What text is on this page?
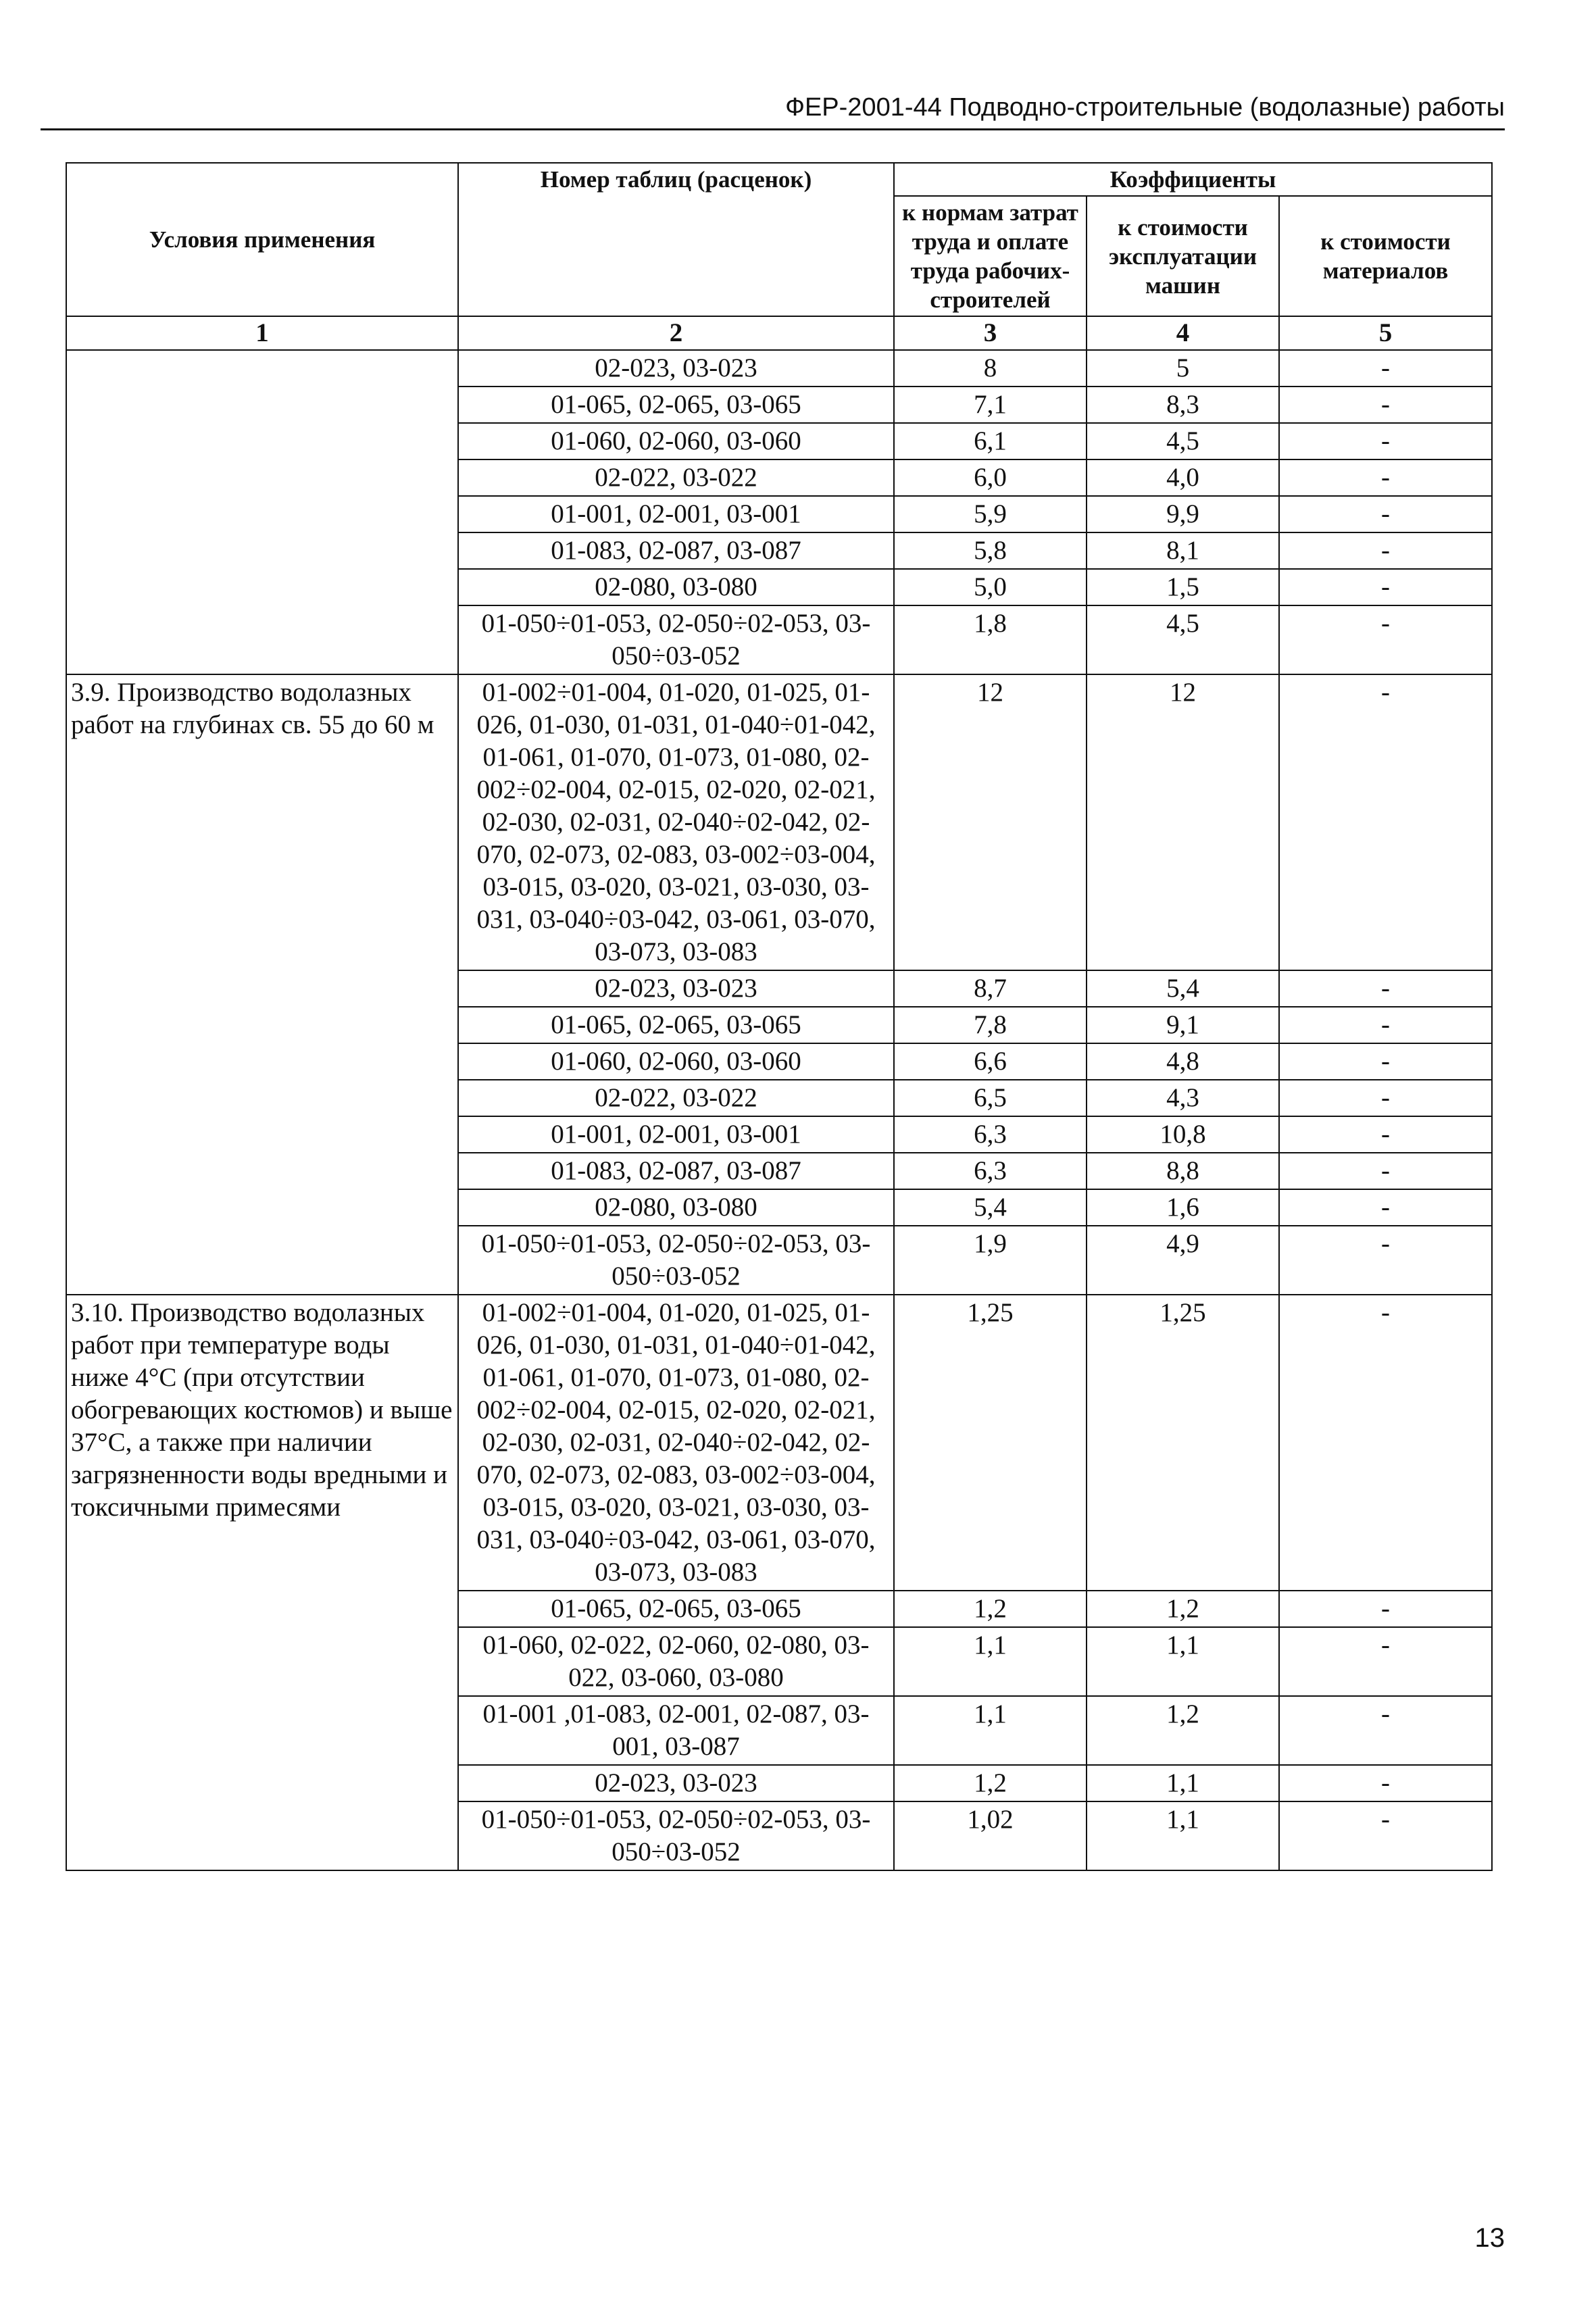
ФЕР-2001-44 Подводно-строительные (водолазные) работы
Условия применения	Номер таблиц (расценок)	Коэффициенты		
		к нормам затрат труда и оплате труда рабочих-строителей	к стоимости эксплуатации машин	к стоимости материалов
1	2	3	4	5
	02-023, 03-023	8	5	-
	01-065, 02-065, 03-065	7,1	8,3	-
	01-060, 02-060, 03-060	6,1	4,5	-
	02-022, 03-022	6,0	4,0	-
	01-001, 02-001, 03-001	5,9	9,9	-
	01-083, 02-087, 03-087	5,8	8,1	-
	02-080, 03-080	5,0	1,5	-
	01-050÷01-053, 02-050÷02-053, 03-050÷03-052	1,8	4,5	-
3.9. Производство водолазных работ на глубинах св. 55 до 60 м	01-002÷01-004, 01-020, 01-025, 01-026, 01-030, 01-031, 01-040÷01-042, 01-061, 01-070, 01-073, 01-080, 02-002÷02-004, 02-015, 02-020, 02-021, 02-030, 02-031, 02-040÷02-042, 02-070, 02-073, 02-083, 03-002÷03-004, 03-015, 03-020, 03-021, 03-030, 03-031, 03-040÷03-042, 03-061, 03-070, 03-073, 03-083	12	12	-
	02-023, 03-023	8,7	5,4	-
	01-065, 02-065, 03-065	7,8	9,1	-
	01-060, 02-060, 03-060	6,6	4,8	-
	02-022, 03-022	6,5	4,3	-
	01-001, 02-001, 03-001	6,3	10,8	-
	01-083, 02-087, 03-087	6,3	8,8	-
	02-080, 03-080	5,4	1,6	-
	01-050÷01-053, 02-050÷02-053, 03-050÷03-052	1,9	4,9	-
3.10. Производство водолазных работ при температуре воды ниже 4°С (при отсутствии обогревающих костюмов) и выше 37°С, а также при наличии загрязненности воды вредными и токсичными примесями	01-002÷01-004, 01-020, 01-025, 01-026, 01-030, 01-031, 01-040÷01-042, 01-061, 01-070, 01-073, 01-080, 02-002÷02-004, 02-015, 02-020, 02-021, 02-030, 02-031, 02-040÷02-042, 02-070, 02-073, 02-083, 03-002÷03-004, 03-015, 03-020, 03-021, 03-030, 03-031, 03-040÷03-042, 03-061, 03-070, 03-073, 03-083	1,25	1,25	-
	01-065, 02-065, 03-065	1,2	1,2	-
	01-060, 02-022, 02-060, 02-080, 03-022, 03-060, 03-080	1,1	1,1	-
	01-001 ,01-083, 02-001, 02-087, 03-001, 03-087	1,1	1,2	-
	02-023, 03-023	1,2	1,1	-
	01-050÷01-053, 02-050÷02-053, 03-050÷03-052	1,02	1,1	-
13
